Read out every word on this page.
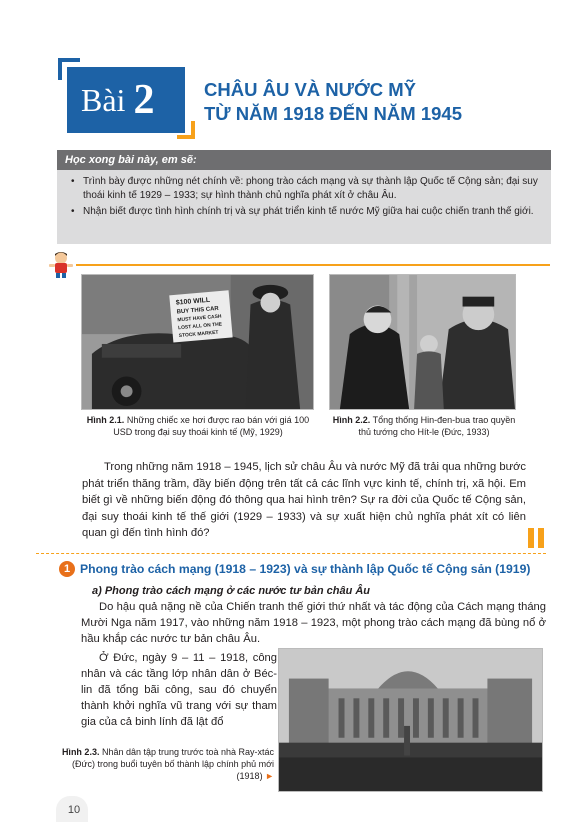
Bài 2	CHÂU ÂU VÀ NƯỚC MỸ
TỪ NĂM 1918 ĐẾN NĂM 1945
Học xong bài này, em sẽ:
• Trình bày được những nét chính về: phong trào cách mạng và sự thành lập Quốc tế Cộng sản; đại suy thoái kinh tế 1929 – 1933; sự hình thành chủ nghĩa phát xít ở châu Âu.
• Nhận biết được tình hình chính trị và sự phát triển kinh tế nước Mỹ giữa hai cuộc chiến tranh thế giới.
$100 WILL
BUY THIS CAR
MUST HAVE CASH
LOST ALL ON THE
STOCK MARKET
Hình 2.1. Những chiếc xe hơi được rao bán với giá 100 USD trong đại suy thoái kinh tế (Mỹ, 1929)
Hình 2.2. Tổng thống Hin-đen-bua trao quyền thủ tướng cho Hít-le (Đức, 1933)

Trong những năm 1918 – 1945, lịch sử châu Âu và nước Mỹ đã trải qua những bước phát triển thăng trầm, đầy biến động trên tất cả các lĩnh vực kinh tế, chính trị, xã hội. Em biết gì về những biến động đó thông qua hai hình trên? Sự ra đời của Quốc tế Cộng sản, đại suy thoái kinh tế thế giới (1929 – 1933) và sự xuất hiện chủ nghĩa phát xít có liên quan gì đến tình hình đó?

1 Phong trào cách mạng (1918 – 1923) và sự thành lập Quốc tế Cộng sản (1919)
a) Phong trào cách mạng ở các nước tư bản châu Âu

Do hậu quả nặng nề của Chiến tranh thế giới thứ nhất và tác động của Cách mạng tháng Mười Nga năm 1917, vào những năm 1918 – 1923, một phong trào cách mạng đã bùng nổ ở hầu khắp các nước tư bản châu Âu.

Ở Đức, ngày 9 – 11 – 1918, công nhân và các tầng lớp nhân dân ở Béc-lin đã tổng bãi công, sau đó chuyển thành khởi nghĩa vũ trang với sự tham gia của cả binh lính đã lật đổ

Hình 2.3. Nhân dân tập trung trước toà nhà Ray-xtác (Đức) trong buổi tuyên bố thành lập chính phủ mới (1918) ►
10
